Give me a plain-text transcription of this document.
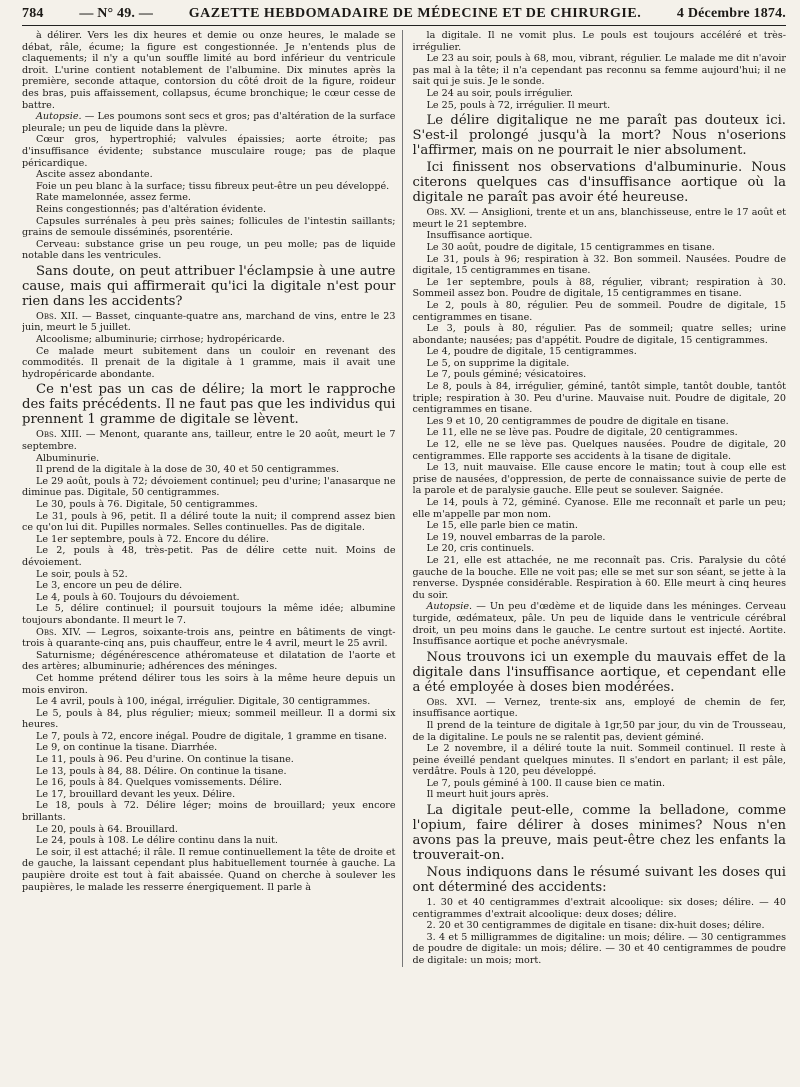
784	— N° 49. —	GAZETTE HEBDOMADAIRE DE MÉDECINE ET DE CHIRURGIE.	4 Décembre 1874.

à délirer. Vers les dix heures et demie ou onze heures, le malade se débat, râle, écume; la figure est congestionnée. Je n'entends plus de claquements; il n'y a qu'un souffle limité au bord inférieur du ventricule droit. L'urine contient notablement de l'albumine. Dix minutes après la première, seconde attaque, contorsion du côté droit de la figure, roideur des bras, puis affaissement, collapsus, écume bronchique; le cœur cesse de battre.

Autopsie. — Les poumons sont secs et gros; pas d'altération de la surface pleurale; un peu de liquide dans la plèvre.

Cœur gros, hypertrophié; valvules épaissies; aorte étroite; pas d'insuffisance évidente; substance musculaire rouge; pas de plaque péricardique.

Ascite assez abondante.

Foie un peu blanc à la surface; tissu fibreux peut-être un peu développé.

Rate mamelonnée, assez ferme.

Reins congestionnés; pas d'altération évidente.

Capsules surrénales à peu près saines; follicules de l'intestin saillants; grains de semoule disséminés, psorentérie.

Cerveau: substance grise un peu rouge, un peu molle; pas de liquide notable dans les ventricules.

Sans doute, on peut attribuer l'éclampsie à une autre cause, mais qui affirmerait qu'ici la digitale n'est pour rien dans les accidents?

Obs. XII. — Basset, cinquante-quatre ans, marchand de vins, entre le 23 juin, meurt le 5 juillet.

Alcoolisme; albuminurie; cirrhose; hydropéricarde.

Ce malade meurt subitement dans un couloir en revenant des commodités. Il prenait de la digitale à 1 gramme, mais il avait une hydropéricarde abondante.

Ce n'est pas un cas de délire; la mort le rapproche des faits précédents. Il ne faut pas que les individus qui prennent 1 gramme de digitale se lèvent.

Obs. XIII. — Menont, quarante ans, tailleur, entre le 20 août, meurt le 7 septembre.

Albuminurie.

Il prend de la digitale à la dose de 30, 40 et 50 centigrammes.

Le 29 août, pouls à 72; dévoiement continuel; peu d'urine; l'anasarque ne diminue pas. Digitale, 50 centigrammes.

Le 30, pouls à 76. Digitale, 50 centigrammes.

Le 31, pouls à 96, petit. Il a déliré toute la nuit; il comprend assez bien ce qu'on lui dit. Pupilles normales. Selles continuelles. Pas de digitale.

Le 1er septembre, pouls à 72. Encore du délire.

Le 2, pouls à 48, très-petit. Pas de délire cette nuit. Moins de dévoiement.

Le soir, pouls à 52.

Le 3, encore un peu de délire.

Le 4, pouls à 60. Toujours du dévoiement.

Le 5, délire continuel; il poursuit toujours la même idée; albumine toujours abondante. Il meurt le 7.

Obs. XIV. — Legros, soixante-trois ans, peintre en bâtiments de vingt-trois à quarante-cinq ans, puis chauffeur, entre le 4 avril, meurt le 25 avril.

Saturnisme; dégénérescence athéromateuse et dilatation de l'aorte et des artères; albuminurie; adhérences des méninges.

Cet homme prétend délirer tous les soirs à la même heure depuis un mois environ.

Le 4 avril, pouls à 100, inégal, irrégulier. Digitale, 30 centigrammes.

Le 5, pouls à 84, plus régulier; mieux; sommeil meilleur. Il a dormi six heures.

Le 7, pouls à 72, encore inégal. Poudre de digitale, 1 gramme en tisane.

Le 9, on continue la tisane. Diarrhée.

Le 11, pouls à 96. Peu d'urine. On continue la tisane.

Le 13, pouls à 84, 88. Délire. On continue la tisane.

Le 16, pouls à 84. Quelques vomissements. Délire.

Le 17, brouillard devant les yeux. Délire.

Le 18, pouls à 72. Délire léger; moins de brouillard; yeux encore brillants.

Le 20, pouls à 64. Brouillard.

Le 24, pouls à 108. Le délire continu dans la nuit.

Le soir, il est attaché; il râle. Il remue continuellement la tête de droite et de gauche, la laissant cependant plus habituellement tournée à gauche. La paupière droite est tout à fait abaissée. Quand on cherche à soulever les paupières, le malade les resserre énergiquement. Il parle à

la digitale. Il ne vomit plus. Le pouls est toujours accéléré et très-irrégulier.

Le 23 au soir, pouls à 68, mou, vibrant, régulier. Le malade me dit n'avoir pas mal à la tête; il n'a cependant pas reconnu sa femme aujourd'hui; il ne sait qui je suis. Je le sonde.

Le 24 au soir, pouls irrégulier.

Le 25, pouls à 72, irrégulier. Il meurt.

Le délire digitalique ne me paraît pas douteux ici. S'est-il prolongé jusqu'à la mort? Nous n'oserions l'affirmer, mais on ne pourrait le nier absolument.

Ici finissent nos observations d'albuminurie. Nous citerons quelques cas d'insuffisance aortique où la digitale ne paraît pas avoir été heureuse.

Obs. XV. — Ansiglioni, trente et un ans, blanchisseuse, entre le 17 août et meurt le 21 septembre.

Insuffisance aortique.

Le 30 août, poudre de digitale, 15 centigrammes en tisane.

Le 31, pouls à 96; respiration à 32. Bon sommeil. Nausées. Poudre de digitale, 15 centigrammes en tisane.

Le 1er septembre, pouls à 88, régulier, vibrant; respiration à 30. Sommeil assez bon. Poudre de digitale, 15 centigrammes en tisane.

Le 2, pouls à 80, régulier. Peu de sommeil. Poudre de digitale, 15 centigrammes en tisane.

Le 3, pouls à 80, régulier. Pas de sommeil; quatre selles; urine abondante; nausées; pas d'appétit. Poudre de digitale, 15 centigrammes.

Le 4, poudre de digitale, 15 centigrammes.

Le 5, on supprime la digitale.

Le 7, pouls géminé; vésicatoires.

Le 8, pouls à 84, irrégulier, géminé, tantôt simple, tantôt double, tantôt triple; respiration à 30. Peu d'urine. Mauvaise nuit. Poudre de digitale, 20 centigrammes en tisane.

Les 9 et 10, 20 centigrammes de poudre de digitale en tisane.

Le 11, elle ne se lève pas. Poudre de digitale, 20 centigrammes.

Le 12, elle ne se lève pas. Quelques nausées. Poudre de digitale, 20 centigrammes. Elle rapporte ses accidents à la tisane de digitale.

Le 13, nuit mauvaise. Elle cause encore le matin; tout à coup elle est prise de nausées, d'oppression, de perte de connaissance suivie de perte de la parole et de paralysie gauche. Elle peut se soulever. Saignée.

Le 14, pouls à 72, géminé. Cyanose. Elle me reconnaît et parle un peu; elle m'appelle par mon nom.

Le 15, elle parle bien ce matin.

Le 19, nouvel embarras de la parole.

Le 20, cris continuels.

Le 21, elle est attachée, ne me reconnaît pas. Cris. Paralysie du côté gauche de la bouche. Elle ne voit pas; elle se met sur son séant, se jette à la renverse. Dyspnée considérable. Respiration à 60. Elle meurt à cinq heures du soir.

Autopsie. — Un peu d'œdème et de liquide dans les méninges. Cerveau turgide, œdémateux, pâle. Un peu de liquide dans le ventricule cérébral droit, un peu moins dans le gauche. Le centre surtout est injecté. Aortite. Insuffisance aortique et poche anévrysmale.

Nous trouvons ici un exemple du mauvais effet de la digitale dans l'insuffisance aortique, et cependant elle a été employée à doses bien modérées.

Obs. XVI. — Vernez, trente-six ans, employé de chemin de fer, insuffisance aortique.

Il prend de la teinture de digitale à 1gr,50 par jour, du vin de Trousseau, de la digitaline. Le pouls ne se ralentit pas, devient géminé.

Le 2 novembre, il a déliré toute la nuit. Sommeil continuel. Il reste à peine éveillé pendant quelques minutes. Il s'endort en parlant; il est pâle, verdâtre. Pouls à 120, peu développé.

Le 7, pouls géminé à 100. Il cause bien ce matin.

Il meurt huit jours après.

La digitale peut-elle, comme la belladone, comme l'opium, faire délirer à doses minimes? Nous n'en avons pas la preuve, mais peut-être chez les enfants la trouverait-on.

Nous indiquons dans le résumé suivant les doses qui ont déterminé des accidents:

1. 30 et 40 centigrammes d'extrait alcoolique: six doses; délire. — 40 centigrammes d'extrait alcoolique: deux doses; délire.

2. 20 et 30 centigrammes de digitale en tisane: dix-huit doses; délire.

3. 4 et 5 milligrammes de digitaline: un mois; délire. — 30 centigrammes de poudre de digitale: un mois; délire. — 30 et 40 centigrammes de poudre de digitale: un mois; mort.
